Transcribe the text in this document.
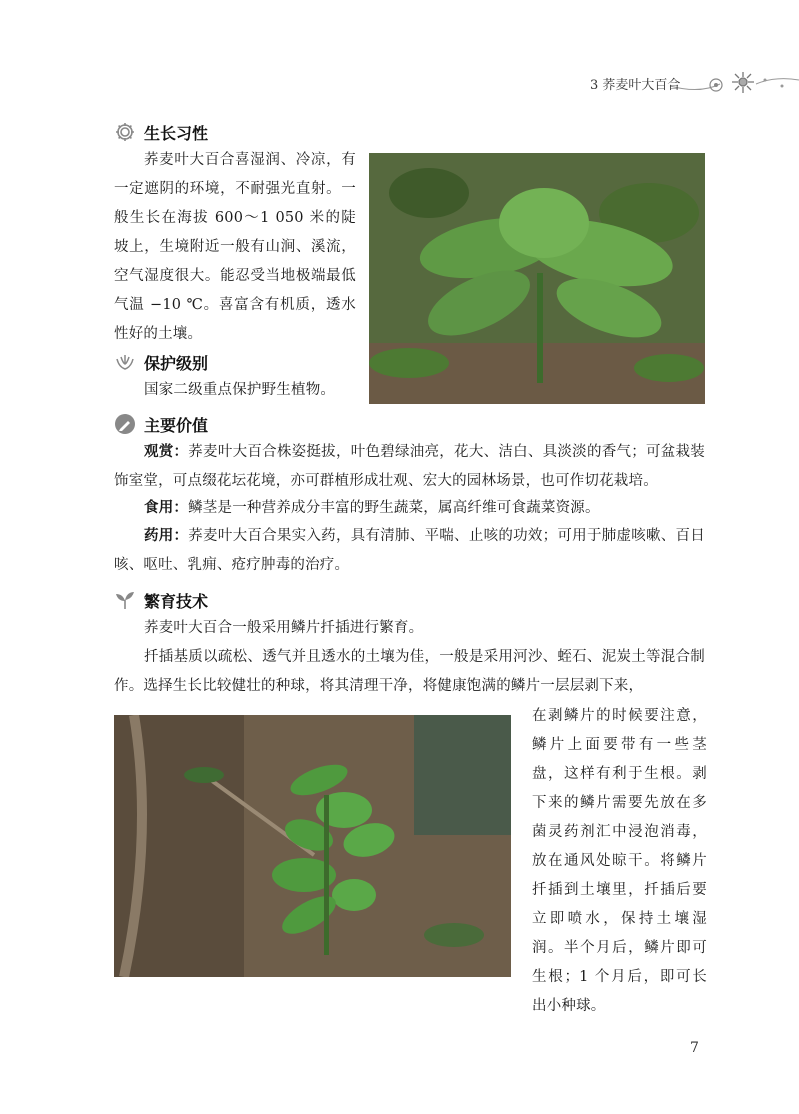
3 荞麦叶大百合
生长习性

荞麦叶大百合喜湿润、冷凉，有一定遮阴的环境，不耐强光直射。一般生长在海拔 600～1 050 米的陡坡上，生境附近一般有山涧、溪流，空气湿度很大。能忍受当地极端最低气温 −10 ℃。喜富含有机质，透水性好的土壤。

保护级别

国家二级重点保护野生植物。

主要价值

观赏：荞麦叶大百合株姿挺拔，叶色碧绿油亮，花大、洁白、具淡淡的香气；可盆栽装饰室堂，可点缀花坛花境，亦可群植形成壮观、宏大的园林场景，也可作切花栽培。

食用：鳞茎是一种营养成分丰富的野生蔬菜，属高纤维可食蔬菜资源。

药用：荞麦叶大百合果实入药，具有清肺、平喘、止咳的功效；可用于肺虚咳嗽、百日咳、呕吐、乳痈、疮疗肿毒的治疗。

繁育技术

荞麦叶大百合一般采用鳞片扦插进行繁育。

扦插基质以疏松、透气并且透水的土壤为佳，一般是采用河沙、蛭石、泥炭土等混合制作。选择生长比较健壮的种球，将其清理干净，将健康饱满的鳞片一层层剥下来，

在剥鳞片的时候要注意，鳞片上面要带有一些茎盘，这样有利于生根。剥下来的鳞片需要先放在多菌灵药剂汇中浸泡消毒，放在通风处晾干。将鳞片扦插到土壤里，扦插后要立即喷水，保持土壤湿润。半个月后，鳞片即可生根；1 个月后，即可长出小种球。

7
